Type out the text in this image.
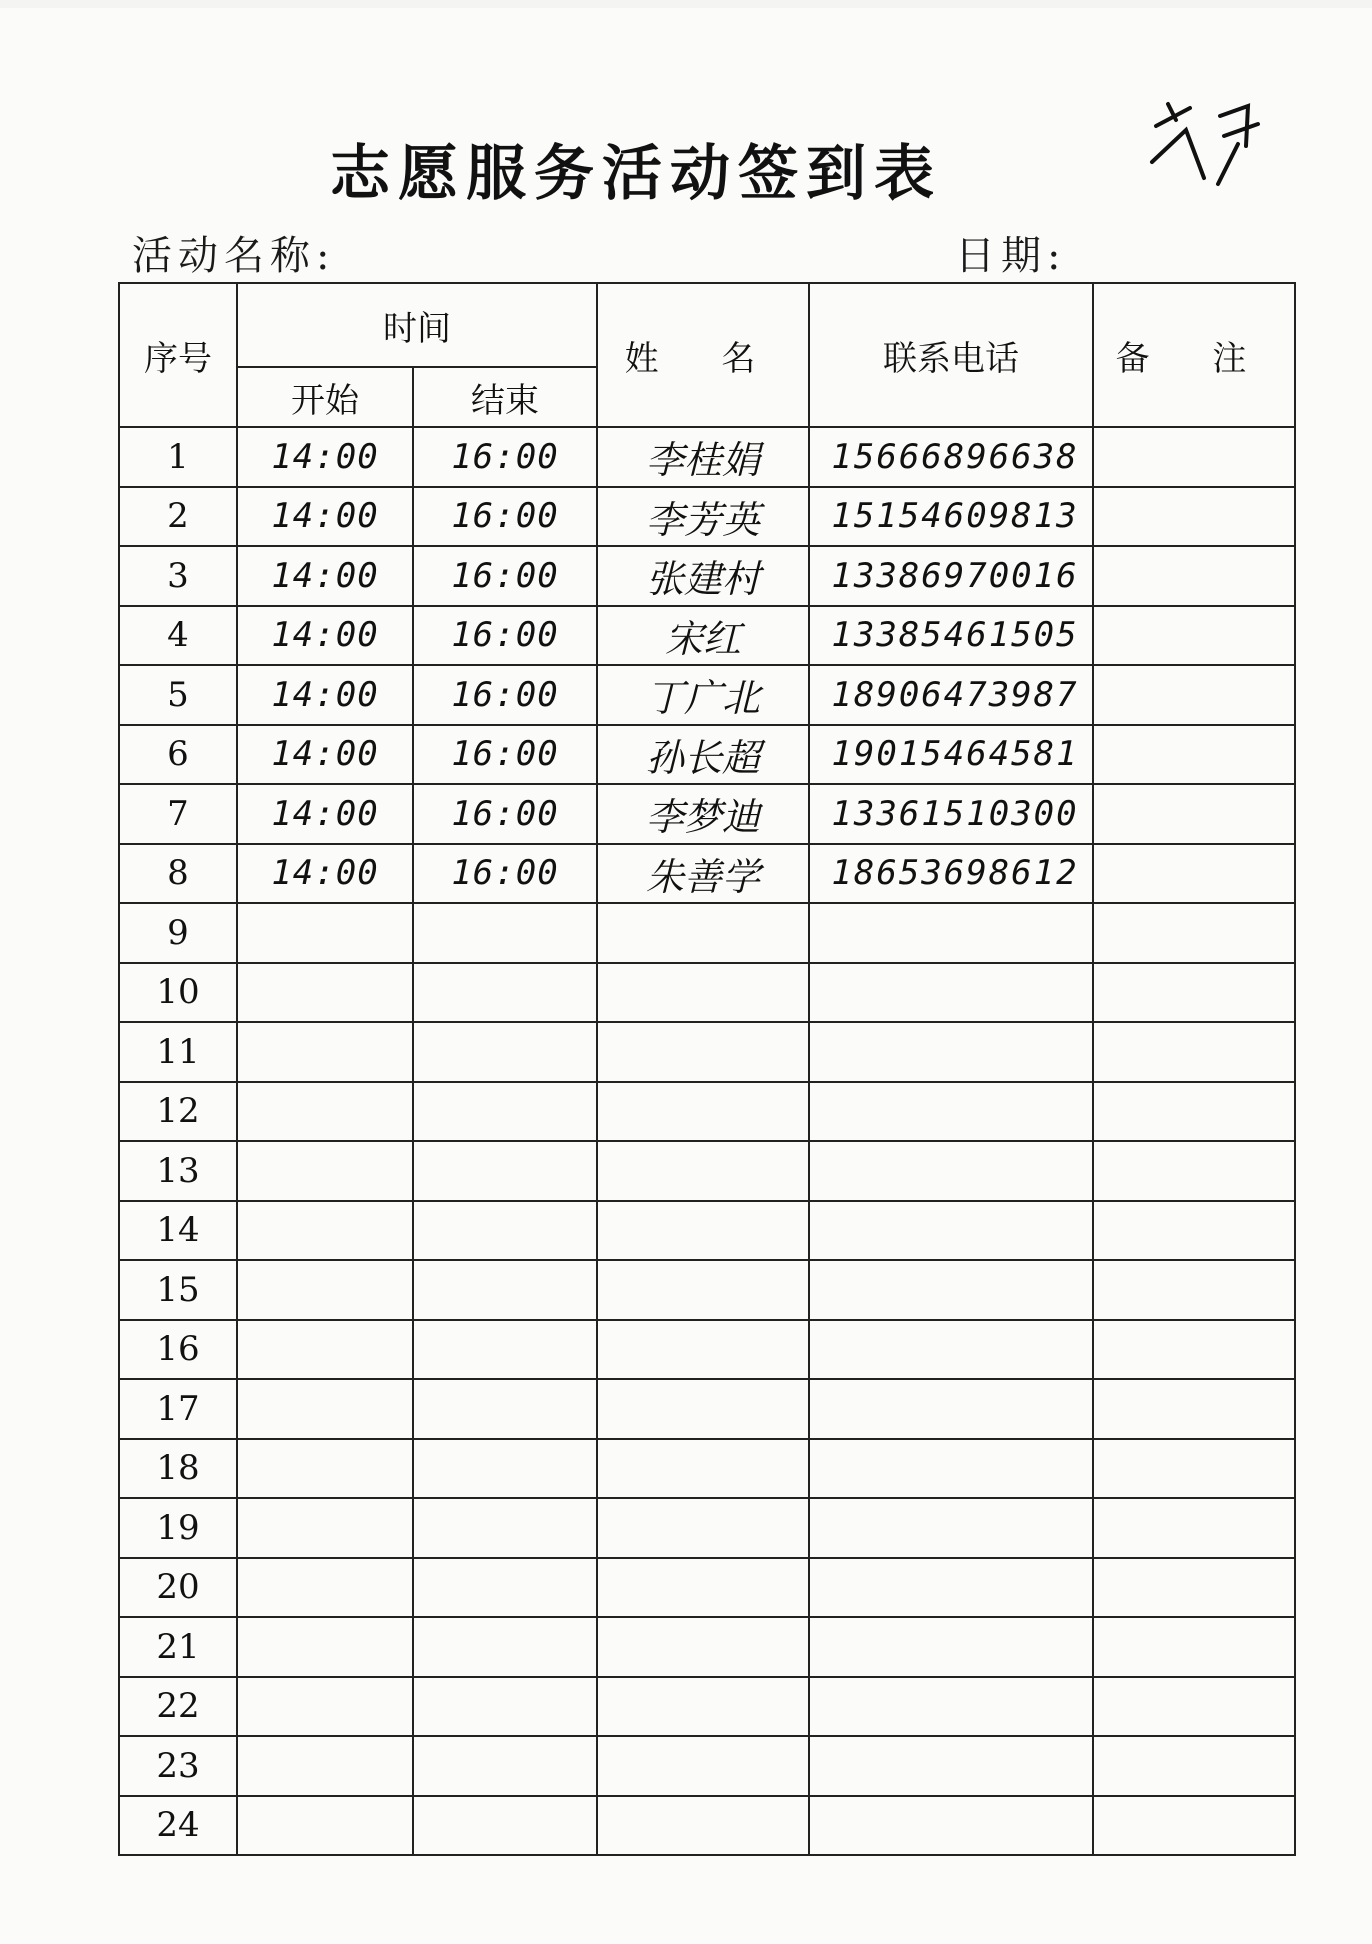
志愿服务活动签到表
活动名称:	日期:
序号	时间		姓 名	联系电话	备 注
	开始	结束			
1	14:00	16:00	李桂娟	15666896638	
2	14:00	16:00	李芳英	15154609813	
3	14:00	16:00	张建村	13386970016	
4	14:00	16:00	宋红	13385461505	
5	14:00	16:00	丁广北	18906473987	
6	14:00	16:00	孙长超	19015464581	
7	14:00	16:00	李梦迪	13361510300	
8	14:00	16:00	朱善学	18653698612	
9					
10					
11					
12					
13					
14					
15					
16					
17					
18					
19					
20					
21					
22					
23					
24					
